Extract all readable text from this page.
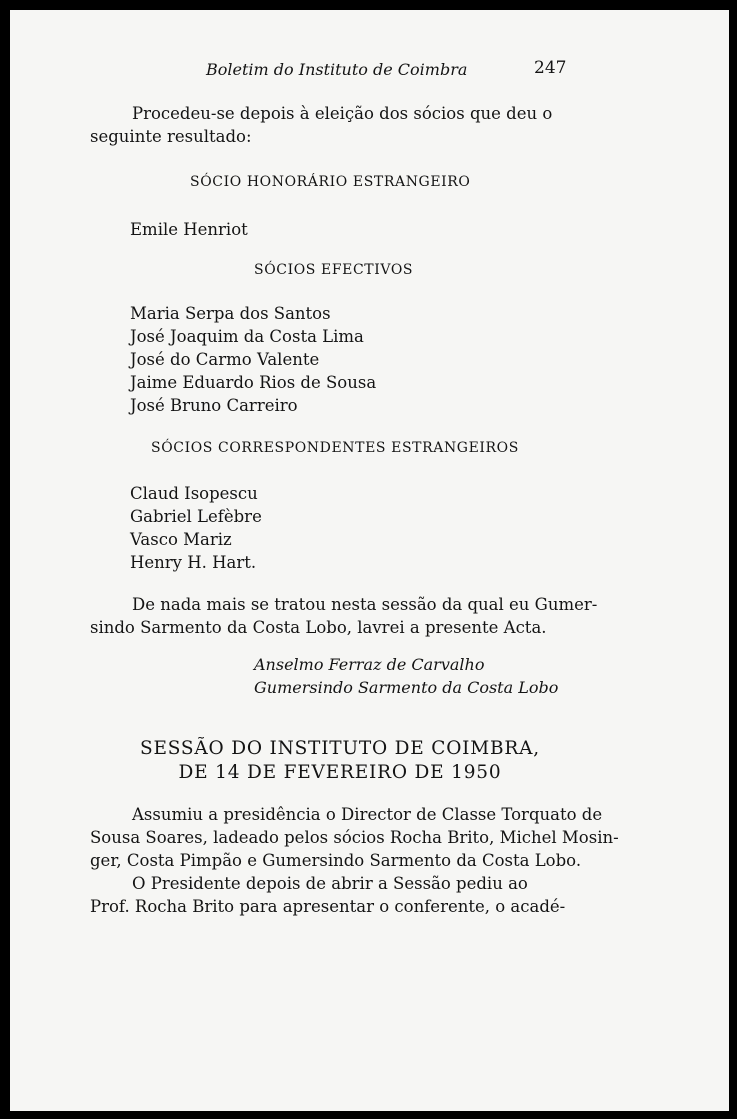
Boletim do Instituto de Coimbra	247
Procedeu-se depois à eleição dos sócios que deu o
seguinte resultado:
SÓCIO HONORÁRIO ESTRANGEIRO
Emile Henriot
SÓCIOS EFECTIVOS
Maria Serpa dos Santos
José Joaquim da Costa Lima
José do Carmo Valente
Jaime Eduardo Rios de Sousa
José Bruno Carreiro
SÓCIOS CORRESPONDENTES ESTRANGEIROS
Claud Isopescu
Gabriel Lefèbre
Vasco Mariz
Henry H. Hart.
De nada mais se tratou nesta sessão da qual eu Gumer-
sindo Sarmento da Costa Lobo, lavrei a presente Acta.
Anselmo Ferraz de Carvalho
Gumersindo Sarmento da Costa Lobo
SESSÃO DO INSTITUTO DE COIMBRA,
DE 14 DE FEVEREIRO DE 1950
Assumiu a presidência o Director de Classe Torquato de
Sousa Soares, ladeado pelos sócios Rocha Brito, Michel Mosin-
ger, Costa Pimpão e Gumersindo Sarmento da Costa Lobo.
O Presidente depois de abrir a Sessão pediu ao
Prof. Rocha Brito para apresentar o conferente, o acadé-
